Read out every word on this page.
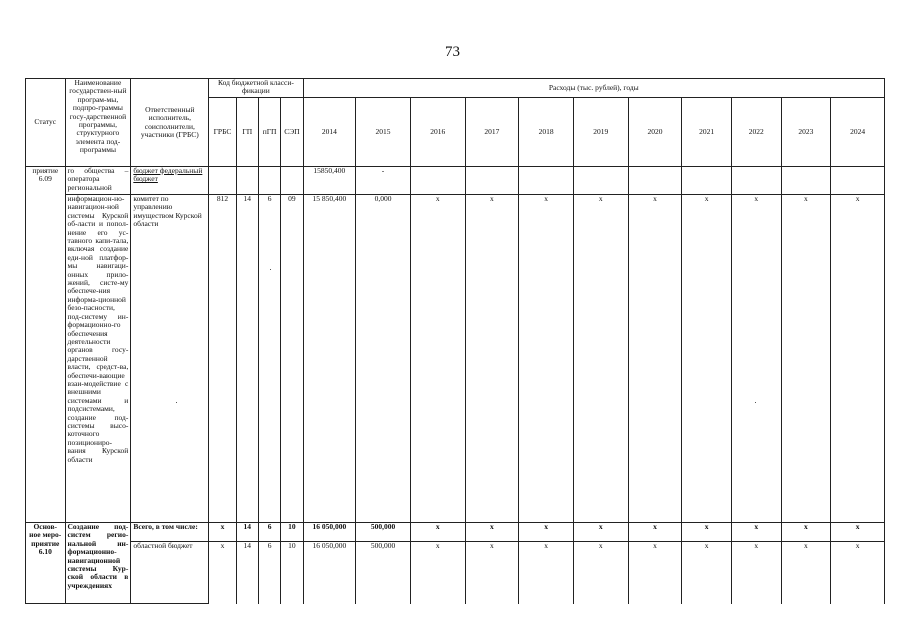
73
Статус	Наименование государствен-ный програм-мы, подпро-граммы госу-дарственной программы, структурного элемента под-программы	Ответственный исполнитель, соисполнители, участники (ГРБС)	Код бюджетной класси-фикации				Расходы (тыс. рублей), годы										
			ГРБС	ГП	пГП	СЭП	2014	2015	2016	2017	2018	2019	2020	2021	2022	2023	2024
приятие 6.09	го общества – оператора региональной	бюджет федеральный бюджет					15850,400	-									
	информацион-но-навигацион-ной системы Курской об-ласти и попол-нение его ус-тавного капи-тала, включая создание еди-ной платфор-мы навигаци-онных прило-жений, систе-му обеспече-ния информа-ционной безо-пасности, под-систему ин-формационно-го обеспечения деятельности органов госу-дарственной власти, средст-ва, обеспечи-вающие взаи-модействие с внешними системами и подсистемами, создание под-системы высо-коточного позициониро-вания Курской области	комитет по управлению имуществом Курской области	812	14	6	09	15 850,400	0,000	x	x	x	x	x	x	x	x	x
Основ-ное меро-приятие 6.10	Создание под-систем регио-нальной ин-формационно-навигационной системы Кур-ской области в учреждениях	Всего, в том числе:	x	14	6	10	16 050,000	500,000	x	x	x	x	x	x	x	x	x
		областной бюджет	x	14	6	10	16 050,000	500,000	x	x	x	x	x	x	x	x	x
